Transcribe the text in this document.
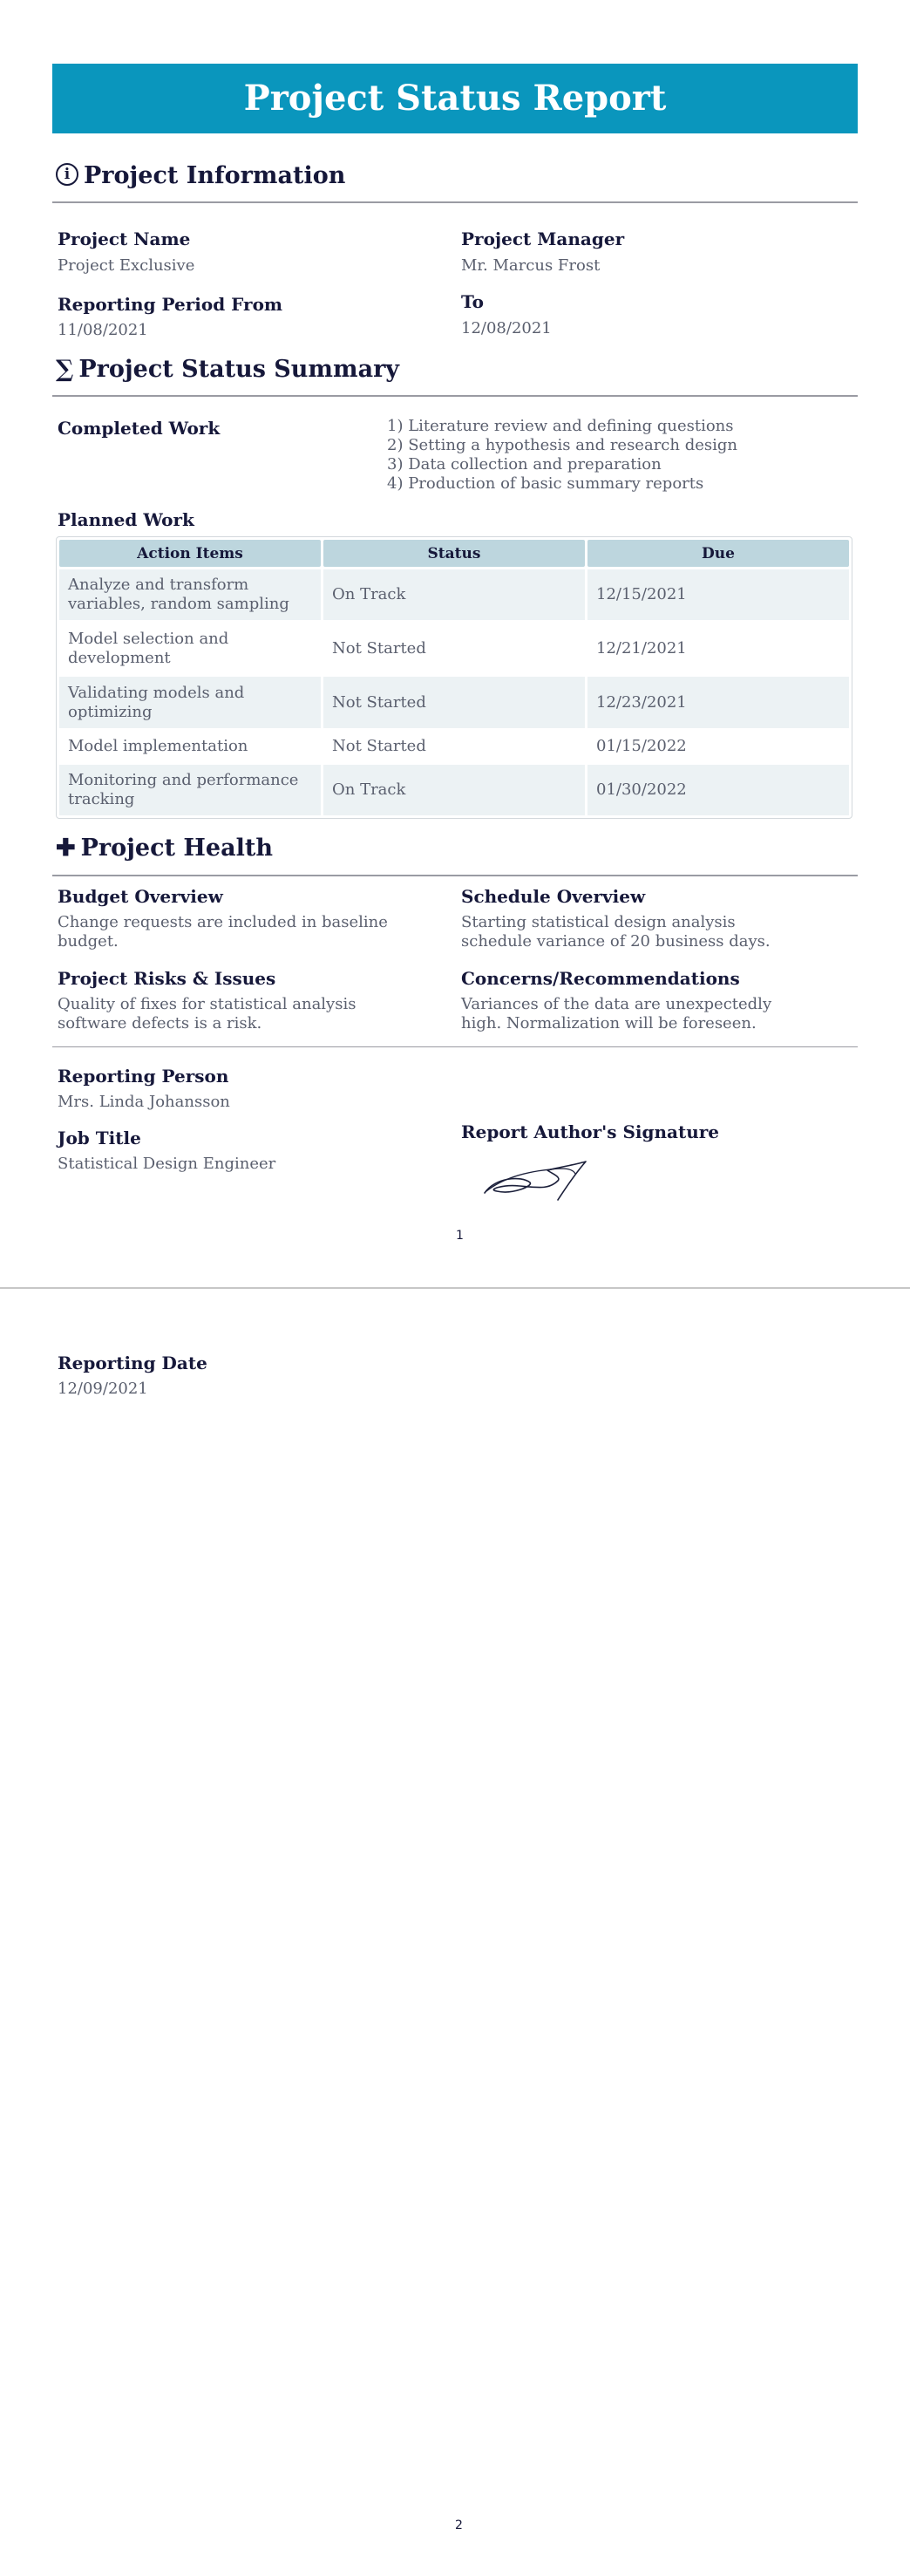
Project Status Report
i Project Information
Project Name
Project Exclusive
Project Manager
Mr. Marcus Frost
Reporting Period From
11/08/2021
To
12/08/2021
∑ Project Status Summary
Completed Work	1) Literature review and defining questions
2) Setting a hypothesis and research design
3) Data collection and preparation
4) Production of basic summary reports
Planned Work
Action Items	Status	Due
Analyze and transform variables, random sampling	On Track	12/15/2021
Model selection and development	Not Started	12/21/2021
Validating models and optimizing	Not Started	12/23/2021
Model implementation	Not Started	01/15/2022
Monitoring and performance tracking	On Track	01/30/2022
✚ Project Health
Budget Overview
Change requests are included in baseline budget.
Schedule Overview
Starting statistical design analysis schedule variance of 20 business days.
Project Risks & Issues
Quality of fixes for statistical analysis software defects is a risk.
Concerns/Recommendations
Variances of the data are unexpectedly high. Normalization will be foreseen.
Reporting Person
Mrs. Linda Johansson
Job Title
Statistical Design Engineer
Report Author's Signature
1
Reporting Date
12/09/2021
2
